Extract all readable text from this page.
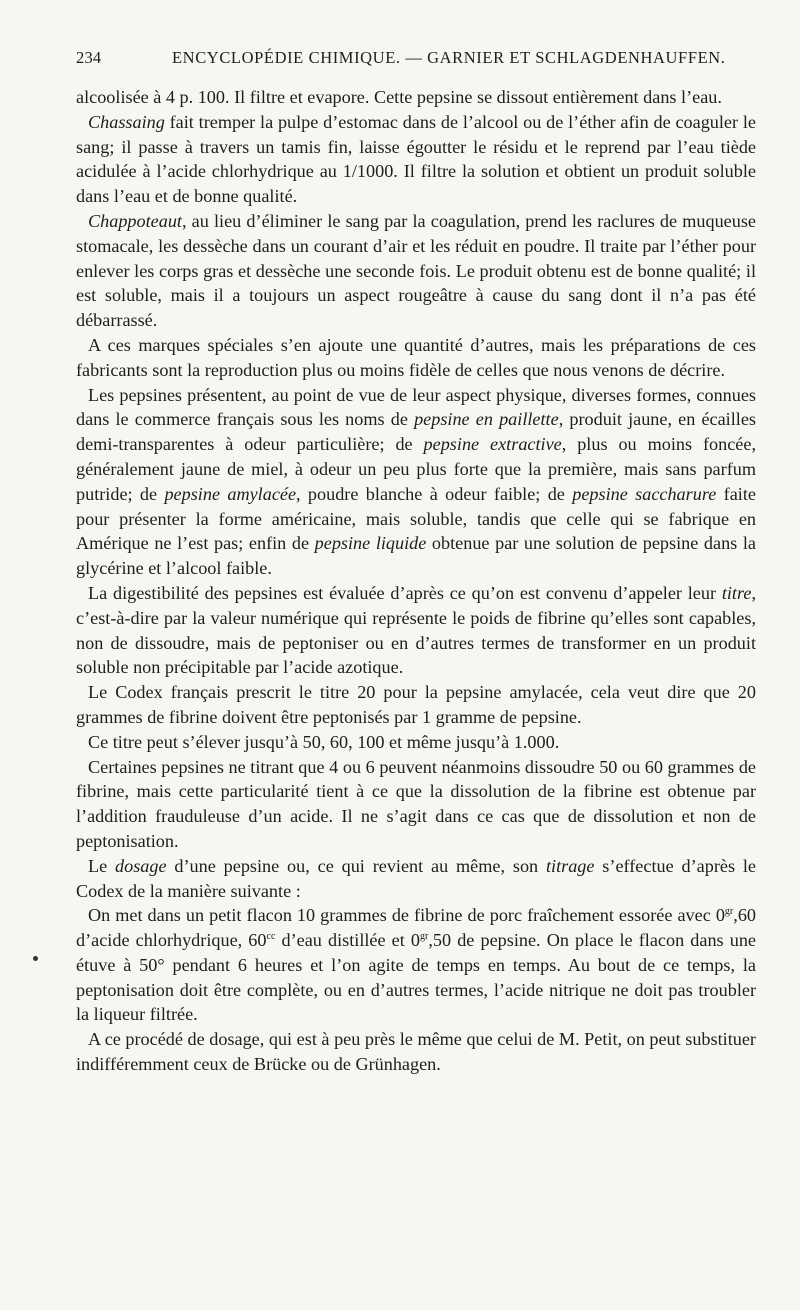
234	ENCYCLOPÉDIE CHIMIQUE. — GARNIER ET SCHLAGDENHAUFFEN.

alcoolisée à 4 p. 100. Il filtre et evapore. Cette pepsine se dissout entièrement dans l’eau.

Chassaing fait tremper la pulpe d’estomac dans de l’alcool ou de l’éther afin de coaguler le sang; il passe à travers un tamis fin, laisse égoutter le résidu et le reprend par l’eau tiède acidulée à l’acide chlorhydrique au 1/1000. Il filtre la solution et obtient un produit soluble dans l’eau et de bonne qualité.

Chappoteaut, au lieu d’éliminer le sang par la coagulation, prend les raclures de muqueuse stomacale, les dessèche dans un courant d’air et les réduit en poudre. Il traite par l’éther pour enlever les corps gras et dessèche une seconde fois. Le produit obtenu est de bonne qualité; il est soluble, mais il a toujours un aspect rougeâtre à cause du sang dont il n’a pas été débarrassé.

A ces marques spéciales s’en ajoute une quantité d’autres, mais les préparations de ces fabricants sont la reproduction plus ou moins fidèle de celles que nous venons de décrire.

Les pepsines présentent, au point de vue de leur aspect physique, diverses formes, connues dans le commerce français sous les noms de pepsine en paillette, produit jaune, en écailles demi-transparentes à odeur particulière; de pepsine extractive, plus ou moins foncée, généralement jaune de miel, à odeur un peu plus forte que la première, mais sans parfum putride; de pepsine amylacée, poudre blanche à odeur faible; de pepsine saccharure faite pour présenter la forme américaine, mais soluble, tandis que celle qui se fabrique en Amérique ne l’est pas; enfin de pepsine liquide obtenue par une solution de pepsine dans la glycérine et l’alcool faible.

La digestibilité des pepsines est évaluée d’après ce qu’on est convenu d’appeler leur titre, c’est-à-dire par la valeur numérique qui représente le poids de fibrine qu’elles sont capables, non de dissoudre, mais de peptoniser ou en d’autres termes de transformer en un produit soluble non précipitable par l’acide azotique.

Le Codex français prescrit le titre 20 pour la pepsine amylacée, cela veut dire que 20 grammes de fibrine doivent être peptonisés par 1 gramme de pepsine.

Ce titre peut s’élever jusqu’à 50, 60, 100 et même jusqu’à 1.000.

Certaines pepsines ne titrant que 4 ou 6 peuvent néanmoins dissoudre 50 ou 60 grammes de fibrine, mais cette particularité tient à ce que la dissolution de la fibrine est obtenue par l’addition frauduleuse d’un acide. Il ne s’agit dans ce cas que de dissolution et non de peptonisation.

Le dosage d’une pepsine ou, ce qui revient au même, son titrage s’effectue d’après le Codex de la manière suivante :

On met dans un petit flacon 10 grammes de fibrine de porc fraîchement essorée avec $0^{gr},60$ d’acide chlorhydrique, $60^{cc}$ d’eau distillée et $0^{gr},50$ de pepsine. On place le flacon dans une étuve à 50° pendant 6 heures et l’on agite de temps en temps. Au bout de ce temps, la peptonisation doit être complète, ou en d’autres termes, l’acide nitrique ne doit pas troubler la liqueur filtrée.

A ce procédé de dosage, qui est à peu près le même que celui de M. Petit, on peut substituer indifféremment ceux de Brücke ou de Grünhagen.
